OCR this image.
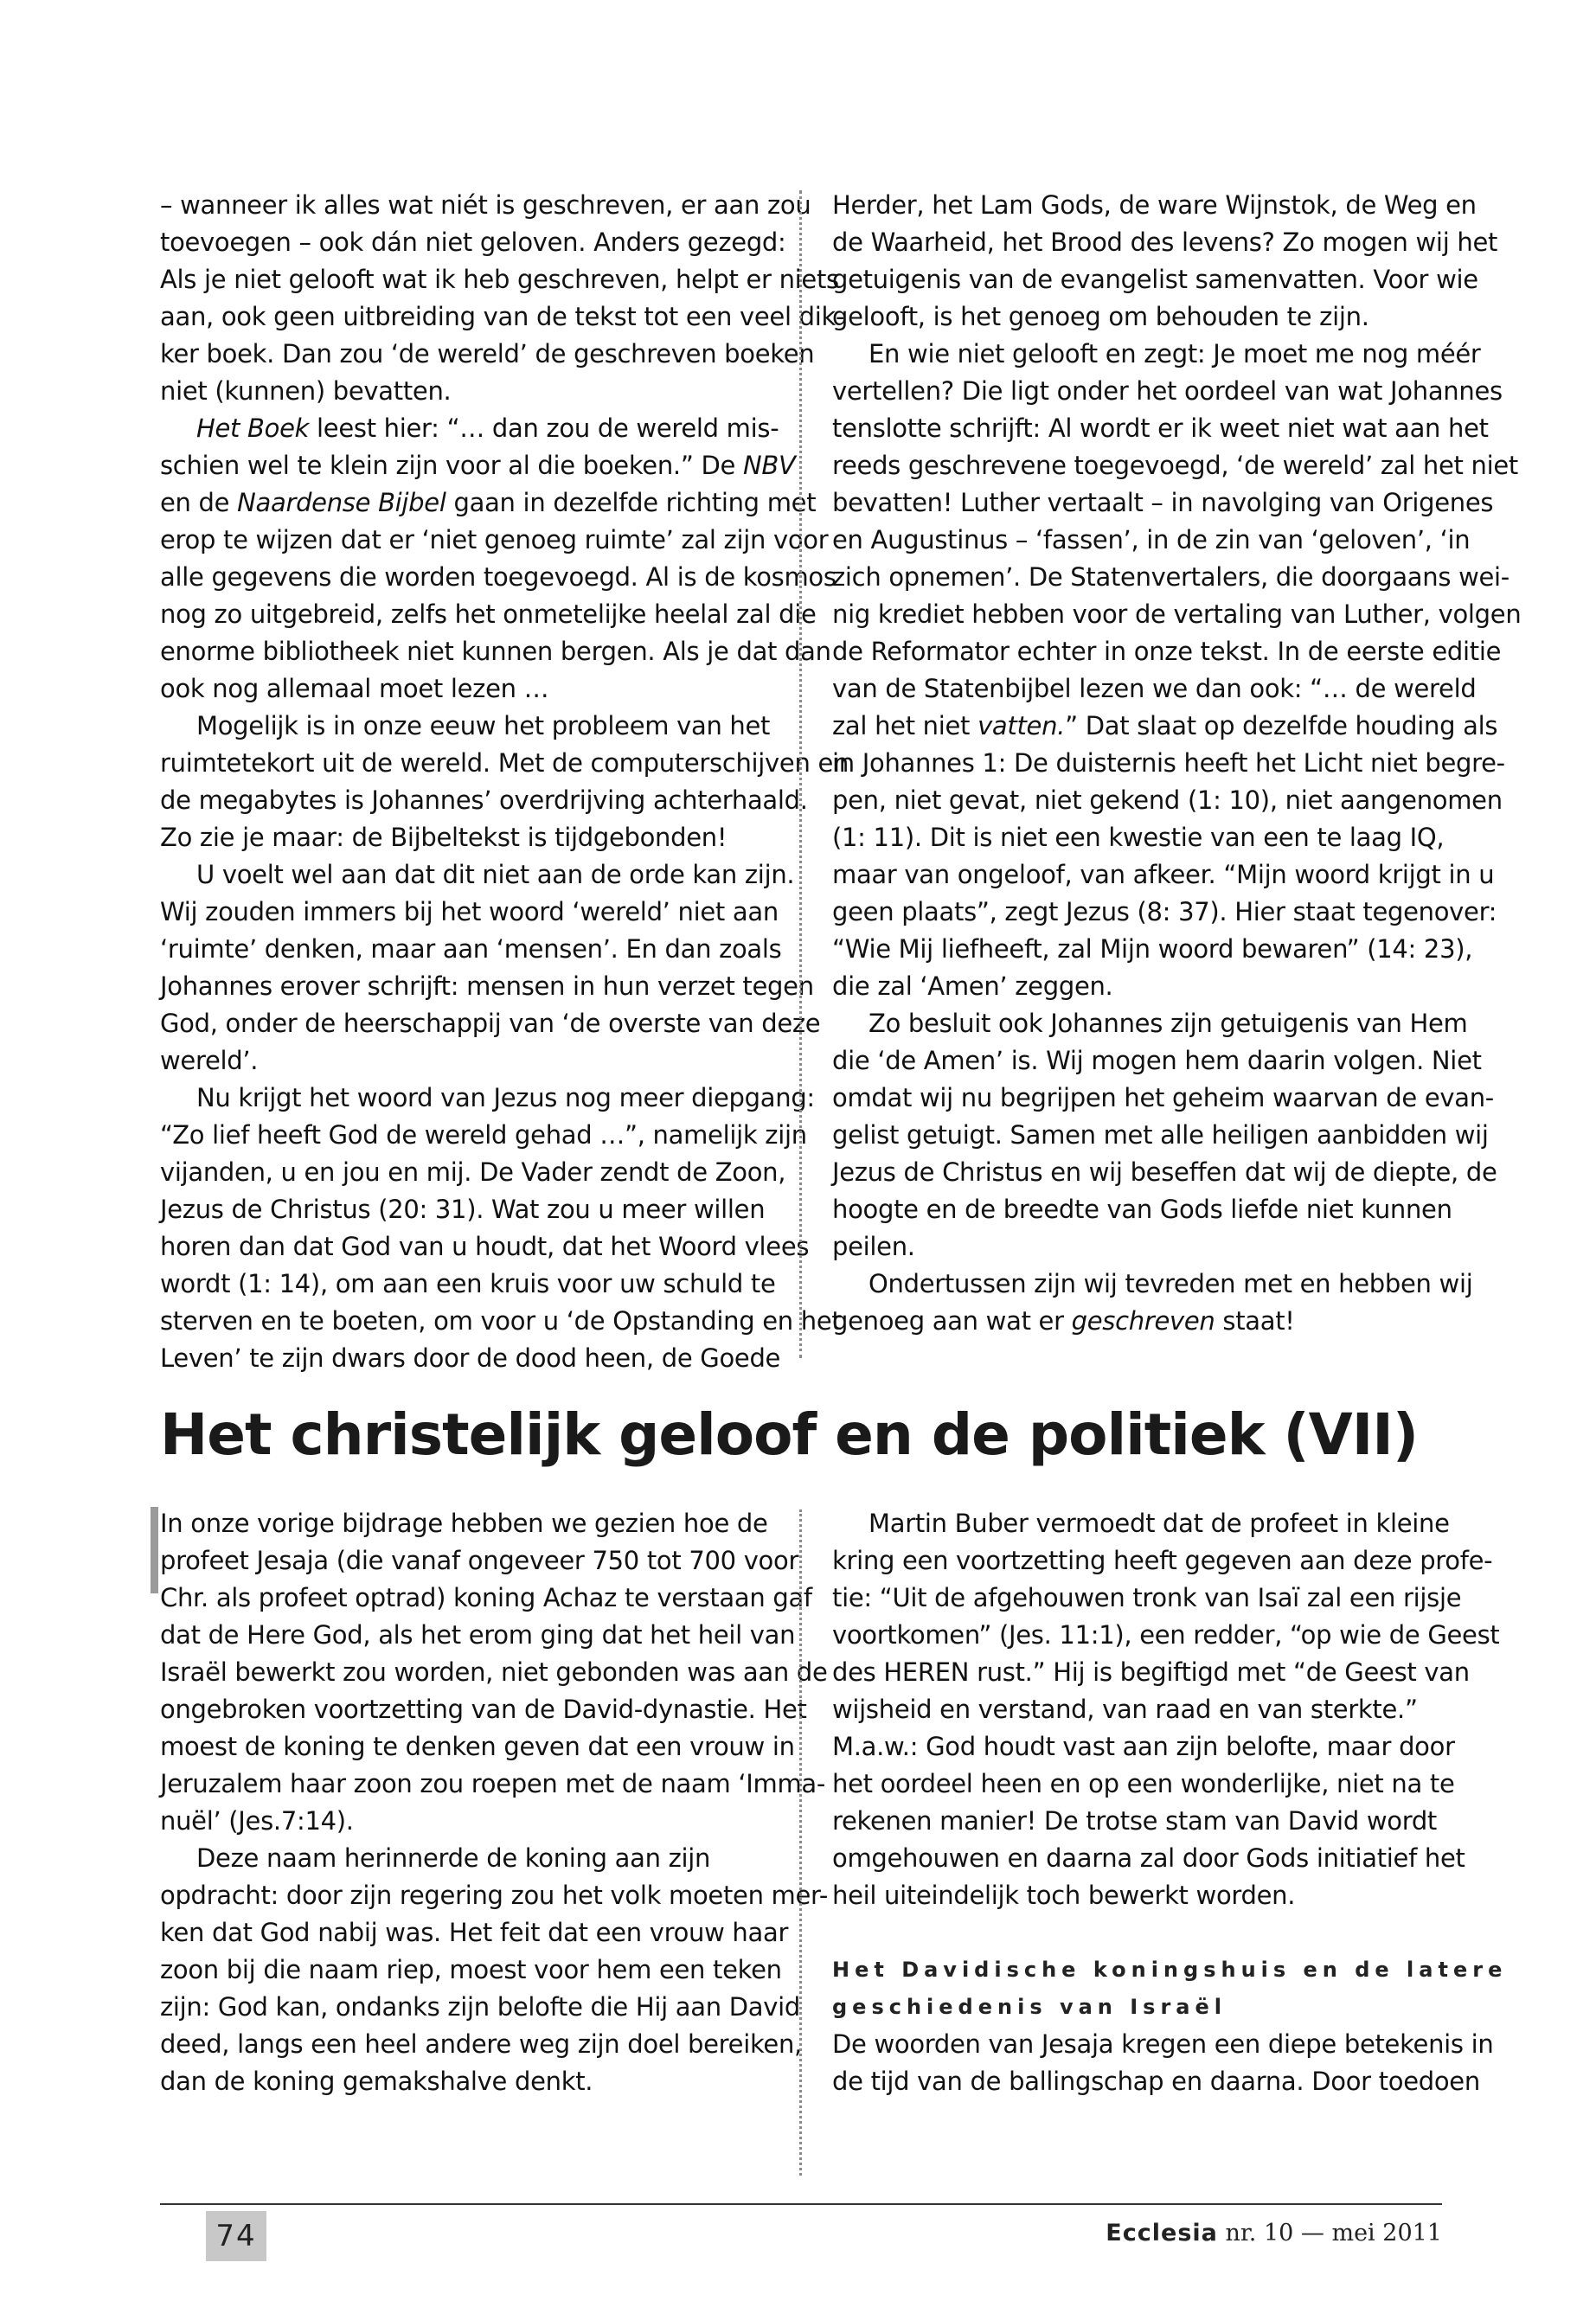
– wanneer ik alles wat niét is geschreven, er aan zou

toevoegen – ook dán niet geloven. Anders gezegd:

Als je niet gelooft wat ik heb geschreven, helpt er niets

aan, ook geen uitbreiding van de tekst tot een veel dik-

ker boek. Dan zou ‘de wereld’ de geschreven boeken

niet (kunnen) bevatten.

Het Boek leest hier: “… dan zou de wereld mis-

schien wel te klein zijn voor al die boeken.” De NBV

en de Naardense Bijbel gaan in dezelfde richting met

erop te wijzen dat er ‘niet genoeg ruimte’ zal zijn voor

alle gegevens die worden toegevoegd. Al is de kosmos

nog zo uitgebreid, zelfs het onmetelijke heelal zal die

enorme bibliotheek niet kunnen bergen. Als je dat dan

ook nog allemaal moet lezen …

Mogelijk is in onze eeuw het probleem van het

ruimtetekort uit de wereld. Met de computerschijven en

de megabytes is Johannes’ overdrijving achterhaald.

Zo zie je maar: de Bijbeltekst is tijdgebonden!

U voelt wel aan dat dit niet aan de orde kan zijn.

Wij zouden immers bij het woord ‘wereld’ niet aan

‘ruimte’ denken, maar aan ‘mensen’. En dan zoals

Johannes erover schrijft: mensen in hun verzet tegen

God, onder de heerschappij van ‘de overste van deze

wereld’.

Nu krijgt het woord van Jezus nog meer diepgang:

“Zo lief heeft God de wereld gehad …”, namelijk zijn

vijanden, u en jou en mij. De Vader zendt de Zoon,

Jezus de Christus (20: 31). Wat zou u meer willen

horen dan dat God van u houdt, dat het Woord vlees

wordt (1: 14), om aan een kruis voor uw schuld te

sterven en te boeten, om voor u ‘de Opstanding en het

Leven’ te zijn dwars door de dood heen, de Goede

Herder, het Lam Gods, de ware Wijnstok, de Weg en

de Waarheid, het Brood des levens? Zo mogen wij het

getuigenis van de evangelist samenvatten. Voor wie

gelooft, is het genoeg om behouden te zijn.

En wie niet gelooft en zegt: Je moet me nog méér

vertellen? Die ligt onder het oordeel van wat Johannes

tenslotte schrijft: Al wordt er ik weet niet wat aan het

reeds geschrevene toegevoegd, ‘de wereld’ zal het niet

bevatten! Luther vertaalt – in navolging van Origenes

en Augustinus – ‘fassen’, in de zin van ‘geloven’, ‘in

zich opnemen’. De Statenvertalers, die doorgaans wei-

nig krediet hebben voor de vertaling van Luther, volgen

de Reformator echter in onze tekst. In de eerste editie

van de Statenbijbel lezen we dan ook: “… de wereld

zal het niet vatten.” Dat slaat op dezelfde houding als

in Johannes 1: De duisternis heeft het Licht niet begre-

pen, niet gevat, niet gekend (1: 10), niet aangenomen

(1: 11). Dit is niet een kwestie van een te laag IQ,

maar van ongeloof, van afkeer. “Mijn woord krijgt in u

geen plaats”, zegt Jezus (8: 37). Hier staat tegenover:

“Wie Mij liefheeft, zal Mijn woord bewaren” (14: 23),

die zal ‘Amen’ zeggen.

Zo besluit ook Johannes zijn getuigenis van Hem

die ‘de Amen’ is. Wij mogen hem daarin volgen. Niet

omdat wij nu begrijpen het geheim waarvan de evan-

gelist getuigt. Samen met alle heiligen aanbidden wij

Jezus de Christus en wij beseffen dat wij de diepte, de

hoogte en de breedte van Gods liefde niet kunnen

peilen.

Ondertussen zijn wij tevreden met en hebben wij

genoeg aan wat er geschreven staat!

Het christelijk geloof en de politiek (VII)

In onze vorige bijdrage hebben we gezien hoe de

profeet Jesaja (die vanaf ongeveer 750 tot 700 voor

Chr. als profeet optrad) koning Achaz te verstaan gaf

dat de Here God, als het erom ging dat het heil van

Israël bewerkt zou worden, niet gebonden was aan de

ongebroken voortzetting van de David-dynastie. Het

moest de koning te denken geven dat een vrouw in

Jeruzalem haar zoon zou roepen met de naam ‘Imma-

nuël’ (Jes.7:14).

Deze naam herinnerde de koning aan zijn

opdracht: door zijn regering zou het volk moeten mer-

ken dat God nabij was. Het feit dat een vrouw haar

zoon bij die naam riep, moest voor hem een teken

zijn: God kan, ondanks zijn belofte die Hij aan David

deed, langs een heel andere weg zijn doel bereiken,

dan de koning gemakshalve denkt.

Martin Buber vermoedt dat de profeet in kleine

kring een voortzetting heeft gegeven aan deze profe-

tie: “Uit de afgehouwen tronk van Isaï zal een rijsje

voortkomen” (Jes. 11:1), een redder, “op wie de Geest

des HEREN rust.” Hij is begiftigd met “de Geest van

wijsheid en verstand, van raad en van sterkte.”

M.a.w.: God houdt vast aan zijn belofte, maar door

het oordeel heen en op een wonderlijke, niet na te

rekenen manier! De trotse stam van David wordt

omgehouwen en daarna zal door Gods initiatief het

heil uiteindelijk toch bewerkt worden.

Het Davidische koningshuis en de latere

geschiedenis van Israël

De woorden van Jesaja kregen een diepe betekenis in

de tijd van de ballingschap en daarna. Door toedoen

74	Ecclesia nr. 10 — mei 2011
